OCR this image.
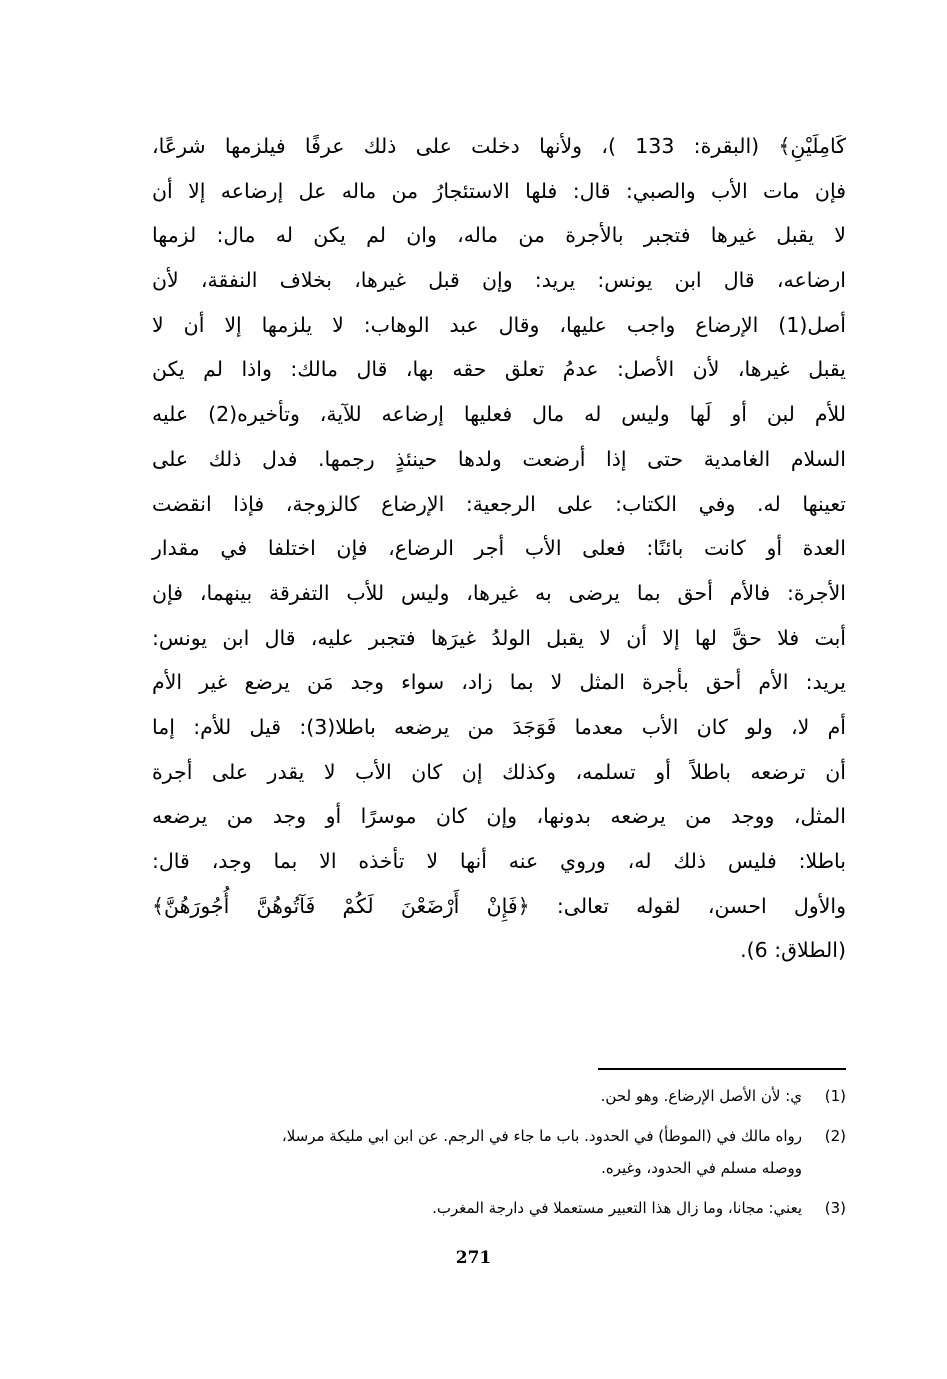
كَامِلَيْنِ﴾ (البقرة: 133 )، ولأنها دخلت على ذلك عرفًا فيلزمها شرعًا،
فإن مات الأب والصبي: قال: فلها الاستئجارُ من ماله عل إرضاعه إلا أن
لا يقبل غيرها فتجبر بالأجرة من ماله، وان لم يكن له مال: لزمها
ارضاعه، قال ابن يونس: يريد: وإن قبل غيرها، بخلاف النفقة، لأن
أصل(1) الإرضاع واجب عليها، وقال عبد الوهاب: لا يلزمها إلا أن لا
يقبل غيرها، لأن الأصل: عدمُ تعلق حقه بها، قال مالك: واذا لم يكن
للأم لبن أو لَها وليس له مال فعليها إرضاعه للآية، وتأخيره(2) عليه
السلام الغامدية حتى إذا أرضعت ولدها حينئذٍ رجمها. فدل ذلك على
تعينها له. وفي الكتاب: على الرجعية: الإرضاع كالزوجة، فإذا انقضت
العدة أو كانت بائنًا: فعلى الأب أجر الرضاع، فإن اختلفا في مقدار
الأجرة: فالأم أحق بما يرضى به غيرها، وليس للأب التفرقة بينهما، فإن
أبت فلا حقَّ لها إلا أن لا يقبل الولدُ غيرَها فتجبر عليه، قال ابن يونس:
يريد: الأم أحق بأجرة المثل لا بما زاد، سواء وجد مَن يرضع غير الأم
أم لا، ولو كان الأب معدما فَوَجَدَ من يرضعه باطلا(3): قيل للأم: إما
أن ترضعه باطلاً أو تسلمه، وكذلك إن كان الأب لا يقدر على أجرة
المثل، ووجد من يرضعه بدونها، وإن كان موسرًا أو وجد من يرضعه
باطلا: فليس ذلك له، وروي عنه أنها لا تأخذه الا بما وجد، قال:
والأول احسن، لقوله تعالى: ﴿فَإِنْ أَرْضَعْنَ لَكُمْ فَآتُوهُنَّ أُجُورَهُنَّ﴾
(الطلاق: 6).
(1)
ي: لأن الأصل الإرضاع. وهو لحن.
(2)
رواه مالك في (الموطأ) في الحدود. باب ما جاء في الرجم. عن ابن ابي مليكة مرسلا،
ووصله مسلم في الحدود، وغيره.
(3)
يعني: مجانا، وما زال هذا التعبير مستعملا في دارجة المغرب.
271
